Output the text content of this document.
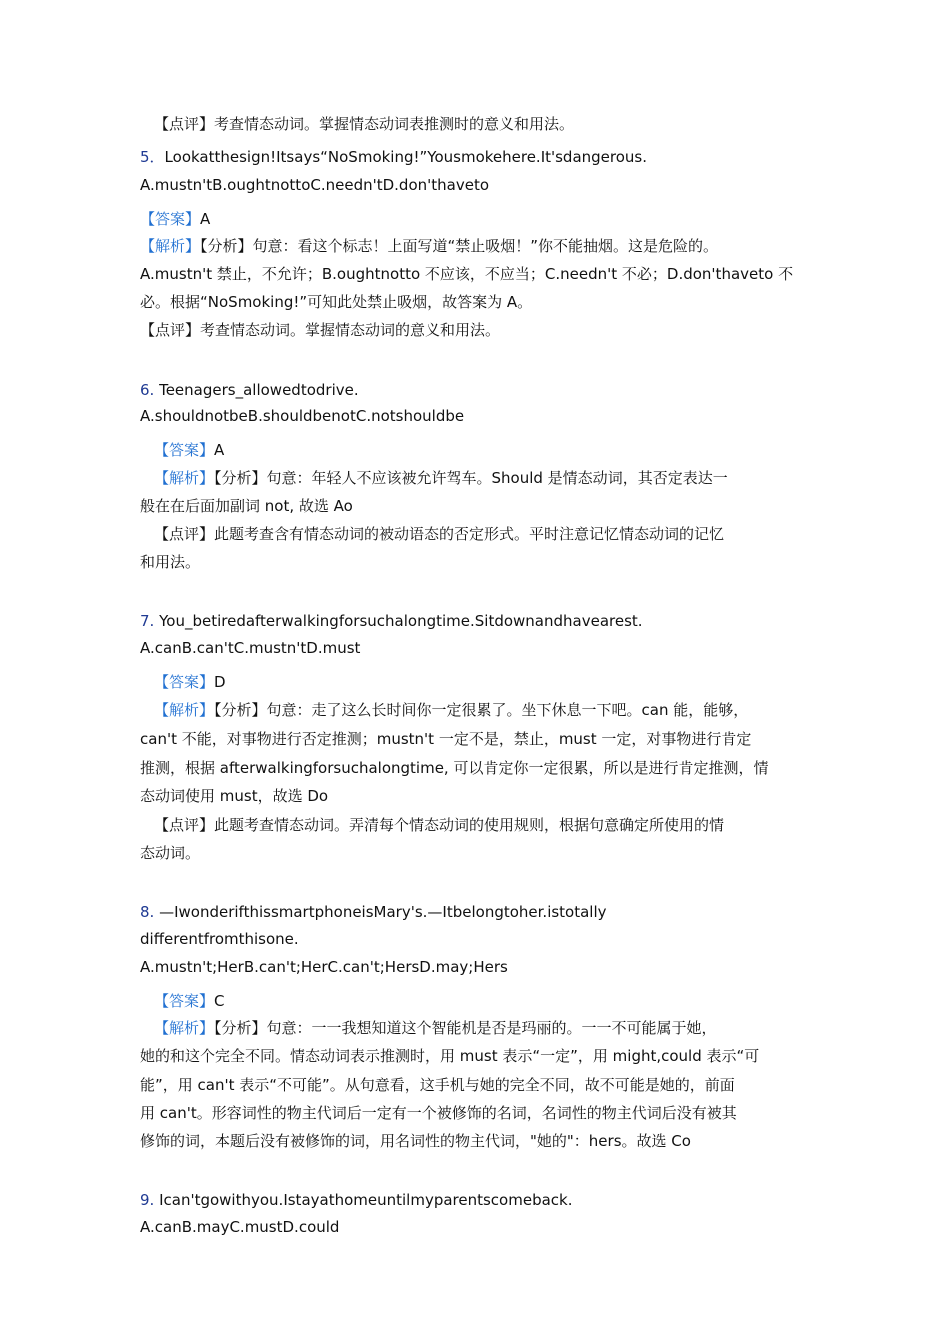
【点评】考查情态动词。掌握情态动词表推测时的意义和用法。
5．Lookatthesign!Itsays“NoSmoking!”Yousmokehere.It'sdangerous.
A.mustn'tB.oughtnottoC.needn'tD.don'thaveto
【答案】A
【解析】【分析】句意：看这个标志！上面写道“禁止吸烟！”你不能抽烟。这是危险的。
A.mustn't 禁止，不允许；B.oughtnotto 不应该，不应当；C.needn't 不必；D.don'thaveto 不
必。根据“NoSmoking!”可知此处禁止吸烟，故答案为 A。
【点评】考查情态动词。掌握情态动词的意义和用法。
6. Teenagers_allowedtodrive.
A.shouldnotbeB.shouldbenotC.notshouldbe
【答案】A
【解析】【分析】句意：年轻人不应该被允许驾车。Should 是情态动词，其否定表达一
般在在后面加副词 not, 故选 Ao
【点评】此题考查含有情态动词的被动语态的否定形式。平时注意记忆情态动词的记忆
和用法。
7. You_betiredafterwalkingforsuchalongtime.Sitdownandhavearest.
A.canB.can'tC.mustn'tD.must
【答案】D
【解析】【分析】句意：走了这么长时间你一定很累了。坐下休息一下吧。can 能，能够，
can't 不能，对事物进行否定推测；mustn't 一定不是，禁止，must 一定，对事物进行肯定
推测，根据 afterwalkingforsuchalongtime, 可以肯定你一定很累，所以是进行肯定推测，情
态动词使用 must，故选 Do
【点评】此题考查情态动词。弄清每个情态动词的使用规则，根据句意确定所使用的情
态动词。
8. —IwonderifthissmartphoneisMary's.—Itbelongtoher.istotally
differentfromthisone.
A.mustn't;HerB.can't;HerC.can't;HersD.may;Hers
【答案】C
【解析】【分析】句意：一一我想知道这个智能机是否是玛丽的。一一不可能属于她，
她的和这个完全不同。情态动词表示推测时，用 must 表示“一定”，用 might,could 表示“可
能”，用 can't 表示“不可能”。从句意看，这手机与她的完全不同，故不可能是她的，前面
用 can't。形容词性的物主代词后一定有一个被修饰的名词，名词性的物主代词后没有被其
修饰的词，本题后没有被修饰的词，用名词性的物主代词，"她的"：hers。故选 Co
9. Ican'tgowithyou.Istayathomeuntilmyparentscomeback.
A.canB.mayC.mustD.could
